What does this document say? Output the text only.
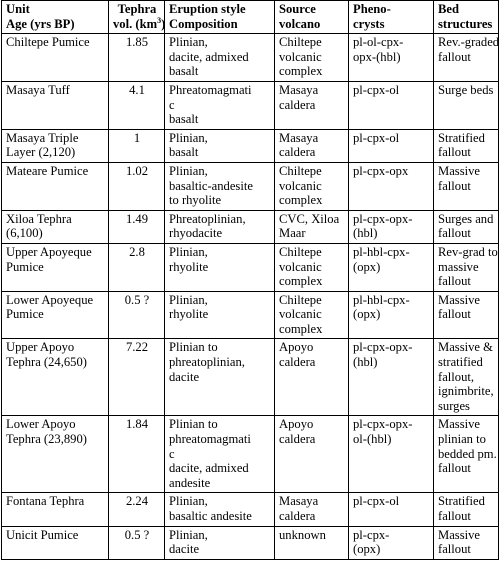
Unit
Age (yrs BP)	Tephra
vol. $(km^3)$	Eruption style
Composition	Source
volcano	Pheno-
crysts	Bed
structures

Chiltepe Pumice	1.85	Plinian,
dacite, admixed
basalt	Chiltepe
volcanic
complex	pl-ol-cpx-
opx-(hbl)	Rev.-graded
fallout

Masaya Tuff	4.1	Phreatomagmati
c
basalt	Masaya
caldera	pl-cpx-ol	Surge beds

Masaya Triple
Layer (2,120)	1	Plinian,
basalt	Masaya
caldera	pl-cpx-ol	Stratified
fallout

Mateare Pumice	1.02	Plinian,
basaltic-andesite
to rhyolite	Chiltepe
volcanic
complex	pl-cpx-opx	Massive
fallout

Xiloa Tephra
(6,100)	1.49	Phreatoplinian,
rhyodacite	CVC, Xiloa
Maar	pl-cpx-opx-
(hbl)	Surges and
fallout

Upper Apoyeque
Pumice	2.8	Plinian,
rhyolite	Chiltepe
volcanic
complex	pl-hbl-cpx-
(opx)	Rev-grad to
massive
fallout

Lower Apoyeque
Pumice	0.5 ?	Plinian,
rhyolite	Chiltepe
volcanic
complex	pl-hbl-cpx-
(opx)	Massive
fallout

Upper Apoyo
Tephra (24,650)	7.22	Plinian to
phreatoplinian,
dacite	Apoyo
caldera	pl-cpx-opx-
(hbl)	Massive &
stratified
fallout,
ignimbrite,
surges

Lower Apoyo
Tephra (23,890)	1.84	Plinian to
phreatomagmati
c
dacite, admixed
andesite	Apoyo
caldera	pl-cpx-opx-
ol-(hbl)	Massive
plinian to
bedded pm.
fallout

Fontana Tephra	2.24	Plinian,
basaltic andesite	Masaya
caldera	pl-cpx-ol	Stratified
fallout

Unicit Pumice	0.5 ?	Plinian,
dacite	unknown	pl-cpx-
(opx)	Massive
fallout
